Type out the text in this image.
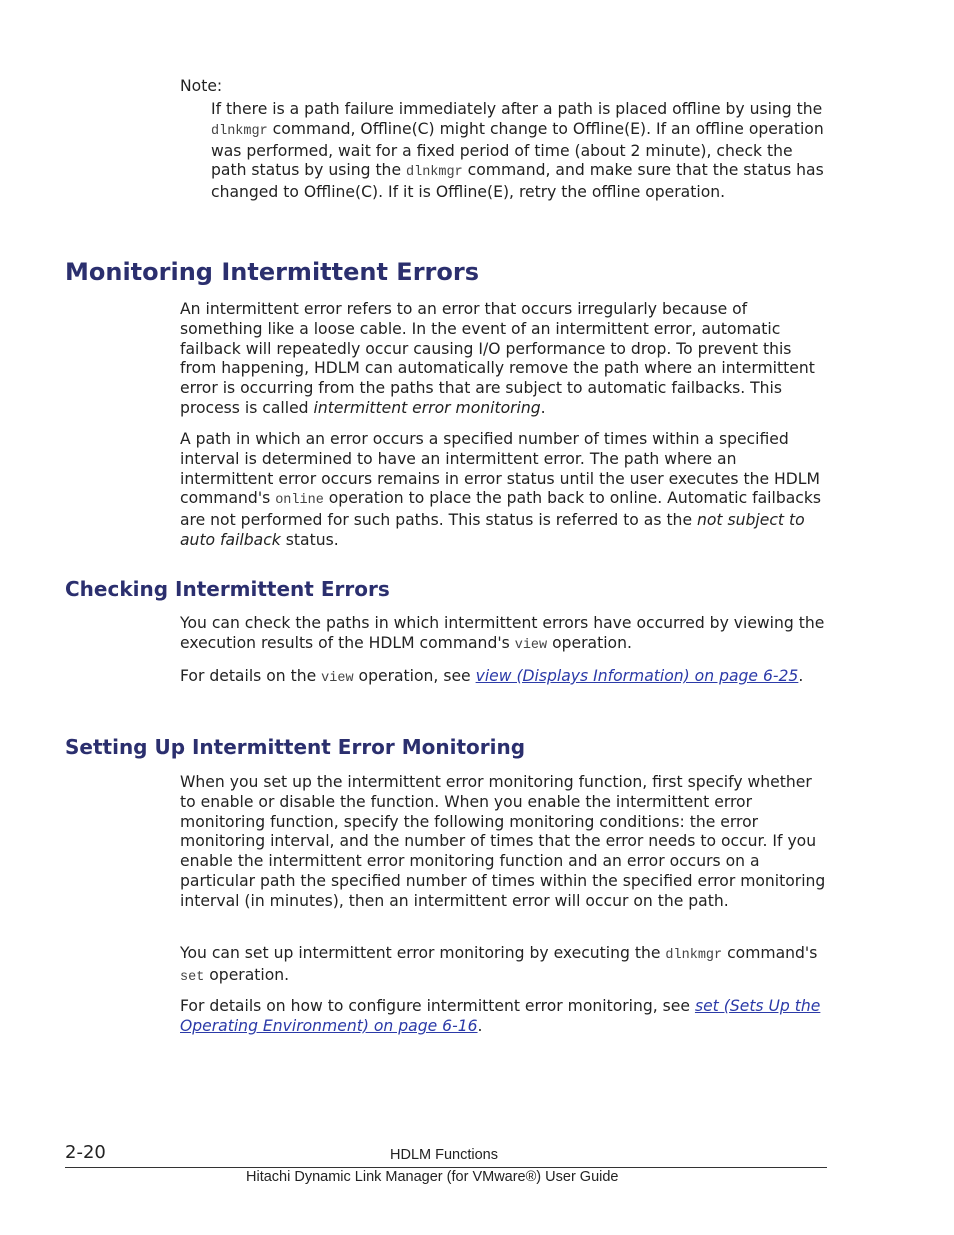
Note:

If there is a path failure immediately after a path is placed offline by using the dlnkmgr command, Offline(C) might change to Offline(E). If an offline operation was performed, wait for a fixed period of time (about 2 minute), check the path status by using the dlnkmgr command, and make sure that the status has changed to Offline(C). If it is Offline(E), retry the offline operation.

Monitoring Intermittent Errors

An intermittent error refers to an error that occurs irregularly because of something like a loose cable. In the event of an intermittent error, automatic failback will repeatedly occur causing I/O performance to drop. To prevent this from happening, HDLM can automatically remove the path where an intermittent error is occurring from the paths that are subject to automatic failbacks. This process is called intermittent error monitoring.

A path in which an error occurs a specified number of times within a specified interval is determined to have an intermittent error. The path where an intermittent error occurs remains in error status until the user executes the HDLM command's online operation to place the path back to online. Automatic failbacks are not performed for such paths. This status is referred to as the not subject to auto failback status.

Checking Intermittent Errors

You can check the paths in which intermittent errors have occurred by viewing the execution results of the HDLM command's view operation.

For details on the view operation, see view (Displays Information) on page 6-25.

Setting Up Intermittent Error Monitoring

When you set up the intermittent error monitoring function, first specify whether to enable or disable the function. When you enable the intermittent error monitoring function, specify the following monitoring conditions: the error monitoring interval, and the number of times that the error needs to occur. If you enable the intermittent error monitoring function and an error occurs on a particular path the specified number of times within the specified error monitoring interval (in minutes), then an intermittent error will occur on the path.

You can set up intermittent error monitoring by executing the dlnkmgr command's set operation.

For details on how to configure intermittent error monitoring, see set (Sets Up the Operating Environment) on page 6-16.

2-20	HDLM Functions
Hitachi Dynamic Link Manager (for VMware®) User Guide
